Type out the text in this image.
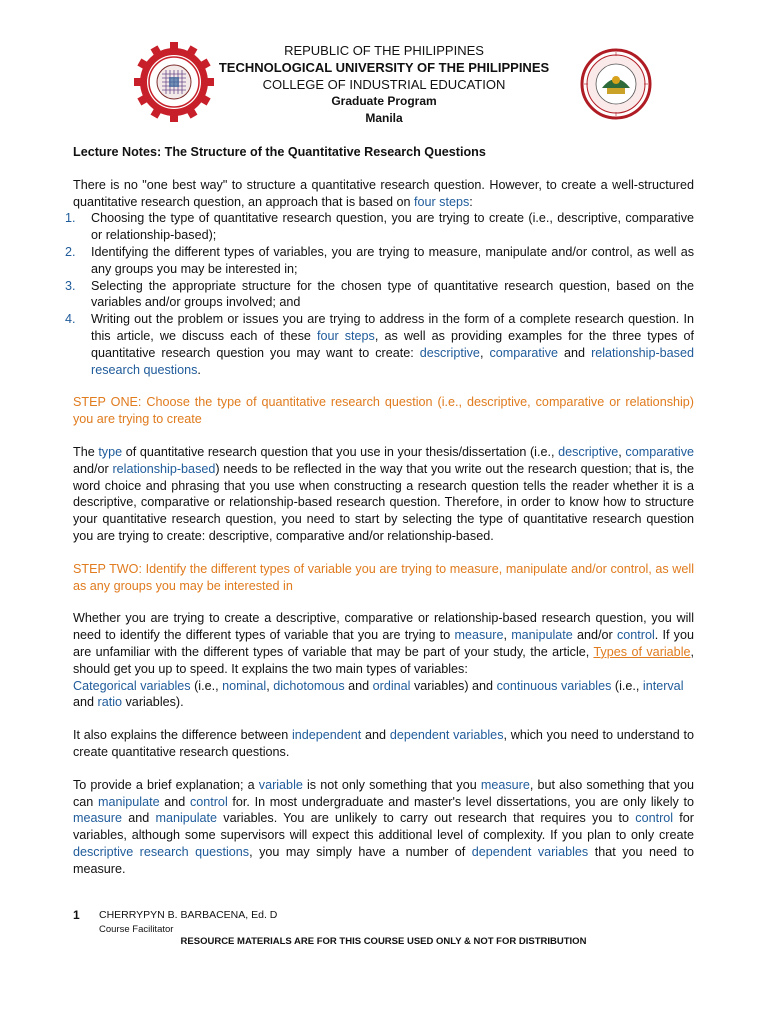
REPUBLIC OF THE PHILIPPINES
TECHNOLOGICAL UNIVERSITY OF THE PHILIPPINES
COLLEGE OF INDUSTRIAL EDUCATION
Graduate Program
Manila
Lecture Notes: The Structure of the Quantitative Research Questions

There is no "one best way" to structure a quantitative research question. However, to create a well-structured quantitative research question, an approach that is based on four steps:

1. Choosing the type of quantitative research question, you are trying to create (i.e., descriptive, comparative or relationship-based);
2. Identifying the different types of variables, you are trying to measure, manipulate and/or control, as well as any groups you may be interested in;
3. Selecting the appropriate structure for the chosen type of quantitative research question, based on the variables and/or groups involved; and
4. Writing out the problem or issues you are trying to address in the form of a complete research question. In this article, we discuss each of these four steps, as well as providing examples for the three types of quantitative research question you may want to create: descriptive, comparative and relationship-based research questions.

STEP ONE: Choose the type of quantitative research question (i.e., descriptive, comparative or relationship) you are trying to create

The type of quantitative research question that you use in your thesis/dissertation (i.e., descriptive, comparative and/or relationship-based) needs to be reflected in the way that you write out the research question; that is, the word choice and phrasing that you use when constructing a research question tells the reader whether it is a descriptive, comparative or relationship-based research question. Therefore, in order to know how to structure your quantitative research question, you need to start by selecting the type of quantitative research question you are trying to create: descriptive, comparative and/or relationship-based.

STEP TWO: Identify the different types of variable you are trying to measure, manipulate and/or control, as well as any groups you may be interested in

Whether you are trying to create a descriptive, comparative or relationship-based research question, you will need to identify the different types of variable that you are trying to measure, manipulate and/or control. If you are unfamiliar with the different types of variable that may be part of your study, the article, Types of variable, should get you up to speed. It explains the two main types of variables:

Categorical variables (i.e., nominal, dichotomous and ordinal variables) and continuous variables (i.e., interval and ratio variables).

It also explains the difference between independent and dependent variables, which you need to understand to create quantitative research questions.

To provide a brief explanation; a variable is not only something that you measure, but also something that you can manipulate and control for. In most undergraduate and master's level dissertations, you are only likely to measure and manipulate variables. You are unlikely to carry out research that requires you to control for variables, although some supervisors will expect this additional level of complexity. If you plan to only create descriptive research questions, you may simply have a number of dependent variables that you need to measure.

1 CHERRYPYN B. BARBACENA, Ed. D
Course Facilitator
RESOURCE MATERIALS ARE FOR THIS COURSE USED ONLY & NOT FOR DISTRIBUTION
